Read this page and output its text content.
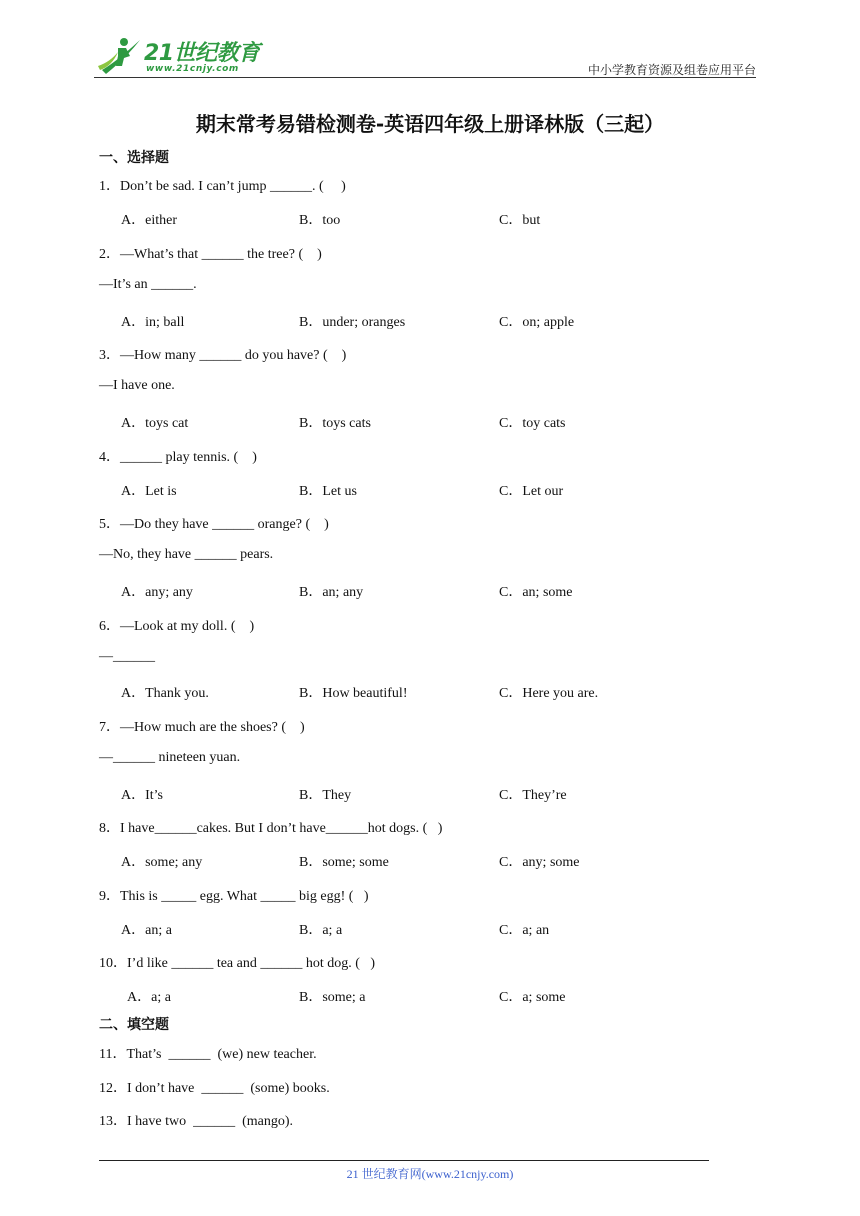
21世纪教育
www.21cnjy.com	中小学教育资源及组卷应用平台
期末常考易错检测卷-英语四年级上册译林版（三起）
一、选择题
1．Don’t be sad. I can’t jump ______. (     )
A．either	B．too	C．but
2．—What’s that ______ the tree? (    )
—It’s an ______.
A．in; ball	B．under; oranges	C．on; apple
3．—How many ______ do you have? (    )
—I have one.
A．toys cat	B．toys cats	C．toy cats
4．______ play tennis. (    )
A．Let is	B．Let us	C．Let our
5．—Do they have ______ orange? (    )
—No, they have ______ pears.
A．any; any	B．an; any	C．an; some
6．—Look at my doll. (    )
—______
A．Thank you.	B．How beautiful!	C．Here you are.
7．—How much are the shoes? (    )
—______ nineteen yuan.
A．It’s	B．They	C．They’re
8．I have______cakes. But I don’t have______hot dogs. (   )
A．some; any	B．some; some	C．any; some
9．This is _____ egg. What _____ big egg! (   )
A．an; a	B．a; a	C．a; an
10．I’d like ______ tea and ______ hot dog. (   )
A．a; a	B．some; a	C．a; some
二、填空题
11．That’s  ______  (we) new teacher.
12．I don’t have  ______  (some) books.
13．I have two  ______  (mango).
21 世纪教育网(www.21cnjy.com)
